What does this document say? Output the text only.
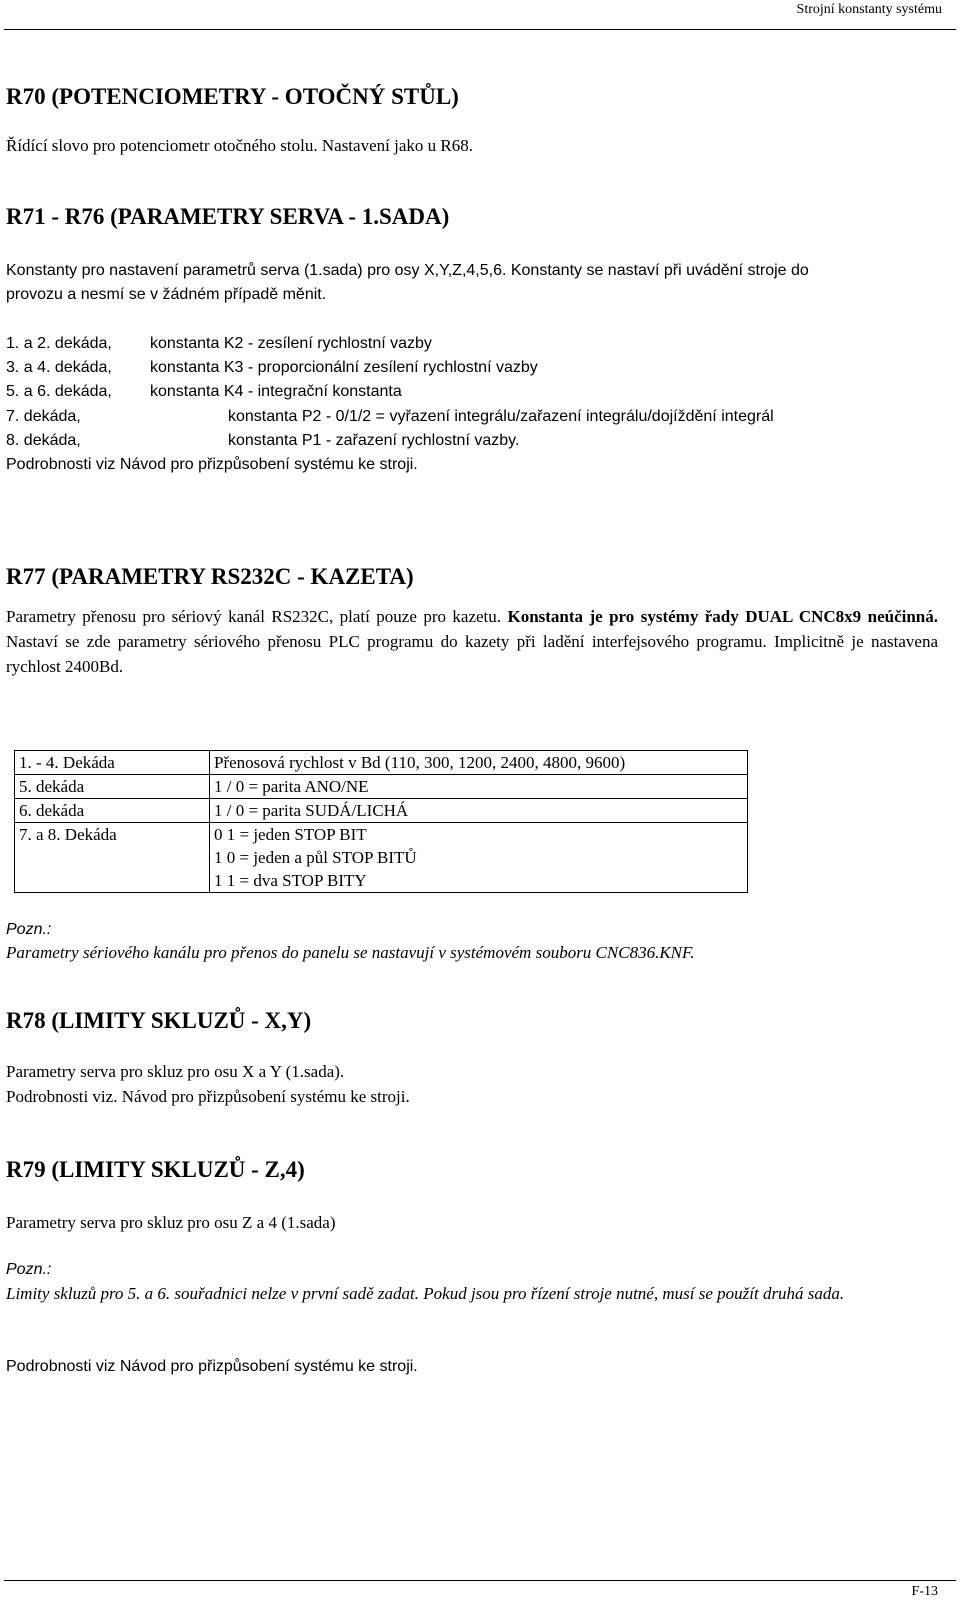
Strojní konstanty systému
R70 (POTENCIOMETRY - OTOČNÝ STŮL)
Řídící slovo pro potenciometr otočného stolu. Nastavení jako u R68.
R71 - R76 (PARAMETRY SERVA - 1.SADA)
Konstanty pro nastavení parametrů serva (1.sada) pro osy X,Y,Z,4,5,6. Konstanty se nastaví při uvádění stroje do
provozu a nesmí se v žádném případě měnit.
1. a 2. dekáda, konstanta K2 - zesílení rychlostní vazby
3. a 4. dekáda, konstanta K3 - proporcionální zesílení rychlostní vazby
5. a 6. dekáda, konstanta K4 - integrační konstanta
7. dekáda,	konstanta P2 - 0/1/2 = vyřazení integrálu/zařazení integrálu/dojíždění integrál
8. dekáda,	konstanta P1 - zařazení rychlostní vazby.
Podrobnosti viz Návod pro přizpůsobení systému ke stroji.
R77 (PARAMETRY RS232C - KAZETA)
Parametry přenosu pro sériový kanál RS232C, platí pouze pro kazetu. Konstanta je pro systémy řady DUAL CNC8x9 neúčinná. Nastaví se zde parametry sériového přenosu PLC programu do kazety při ladění interfejsového programu. Implicitně je nastavena rychlost 2400Bd.
1. - 4. Dekáda	Přenosová rychlost v Bd (110, 300, 1200, 2400, 4800, 9600)
5. dekáda	1 / 0 = parita ANO/NE
6. dekáda	1 / 0 = parita SUDÁ/LICHÁ
7. a 8. Dekáda	0 1 = jeden STOP BIT
1 0 = jeden a půl STOP BITŮ
1 1 = dva STOP BITY
Pozn.:
Parametry sériového kanálu pro přenos do panelu se nastavují v systémovém souboru CNC836.KNF.
R78 (LIMITY SKLUZŮ - X,Y)
Parametry serva pro skluz pro osu X a Y (1.sada).
Podrobnosti viz. Návod pro přizpůsobení systému ke stroji.
R79 (LIMITY SKLUZŮ - Z,4)
Parametry serva pro skluz pro osu Z a 4 (1.sada)
Pozn.:
Limity skluzů pro 5. a 6. souřadnici nelze v první sadě zadat. Pokud jsou pro řízení stroje nutné, musí se použít druhá sada.
Podrobnosti viz Návod pro přizpůsobení systému ke stroji.
F-13
